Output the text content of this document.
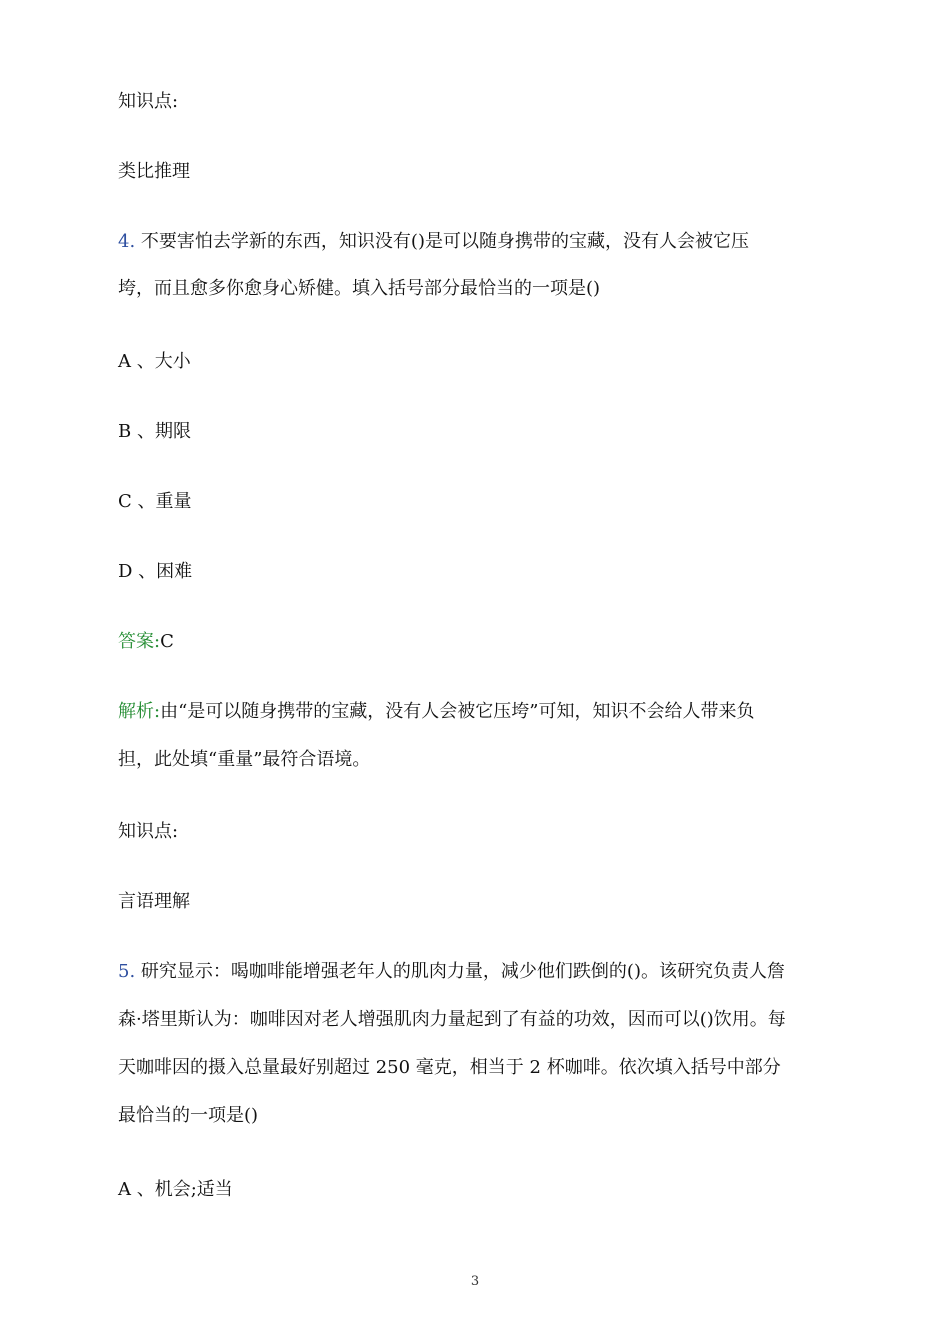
知识点:
类比推理
4. 不要害怕去学新的东西，知识没有()是可以随身携带的宝藏，没有人会被它压
垮，而且愈多你愈身心矫健。填入括号部分最恰当的一项是()
A 、大小
B 、期限
C 、重量
D 、困难
答案:C
解析:由“是可以随身携带的宝藏，没有人会被它压垮”可知，知识不会给人带来负
担，此处填“重量”最符合语境。
知识点:
言语理解
5. 研究显示：喝咖啡能增强老年人的肌肉力量，减少他们跌倒的()。该研究负责人詹
森·塔里斯认为：咖啡因对老人增强肌肉力量起到了有益的功效，因而可以()饮用。每
天咖啡因的摄入总量最好别超过 250 毫克，相当于 2 杯咖啡。依次填入括号中部分
最恰当的一项是()
A 、机会;适当
3
